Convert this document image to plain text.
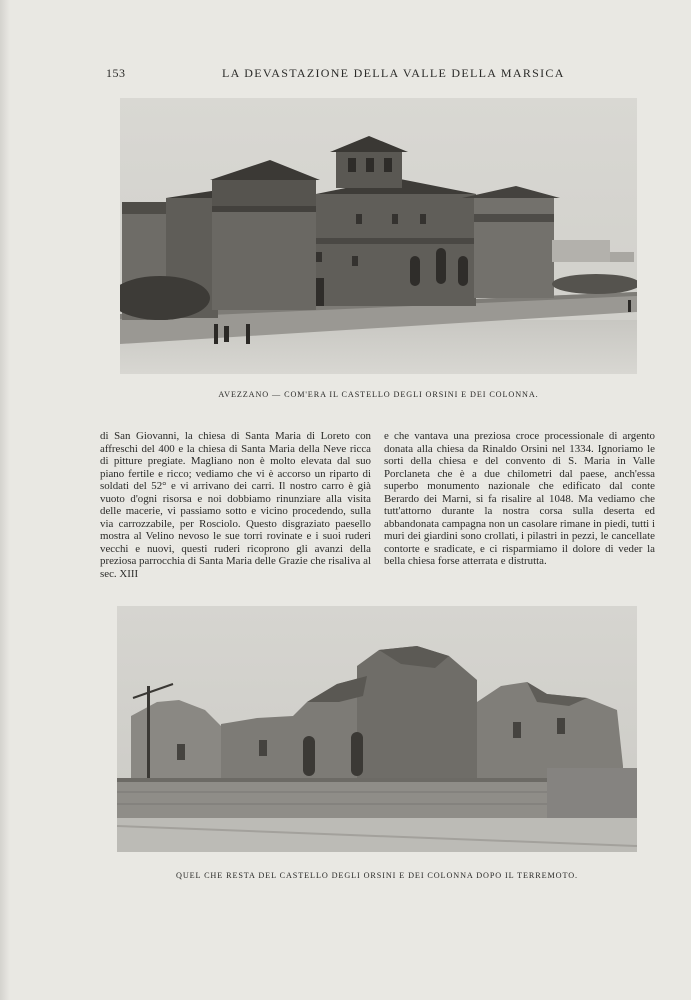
153	LA DEVASTAZIONE DELLA VALLE DELLA MARSICA
AVEZZANO — COM'ERA IL CASTELLO DEGLI ORSINI E DEI COLONNA.
di San Giovanni, la chiesa di Santa Maria di Loreto con affreschi del 400 e la chiesa di Santa Maria della Neve ricca di pitture pregiate. Magliano non è molto elevata dal suo piano fertile e ricco; vediamo che vi è accorso un riparto di soldati del 52° e vi arrivano dei carri. Il nostro carro è già vuoto d'ogni risorsa e noi dobbiamo rinunziare alla visita delle macerie, vi passiamo sotto e vicino procedendo, sulla via carrozzabile, per Rosciolo. Questo disgraziato paesello mostra al Velino nevoso le sue torri rovinate e i suoi ruderi vecchi e nuovi, questi ruderi ricoprono gli avanzi della preziosa parrocchia di Santa Maria delle Grazie che risaliva al sec. XIII
e che vantava una preziosa croce processionale di argento donata alla chiesa da Rinaldo Orsini nel 1334. Ignoriamo le sorti della chiesa e del convento di S. Maria in Valle Porclaneta che è a due chilometri dal paese, anch'essa superbo monumento nazionale che edificato dal conte Berardo dei Marni, si fa risalire al 1048. Ma vediamo che tutt'attorno durante la nostra corsa sulla deserta ed abbandonata campagna non un casolare rimane in piedi, tutti i muri dei giardini sono crollati, i pilastri in pezzi, le cancellate contorte e sradicate, e ci risparmiamo il dolore di veder la bella chiesa forse atterrata e distrutta.
QUEL CHE RESTA DEL CASTELLO DEGLI ORSINI E DEI COLONNA DOPO IL TERREMOTO.
